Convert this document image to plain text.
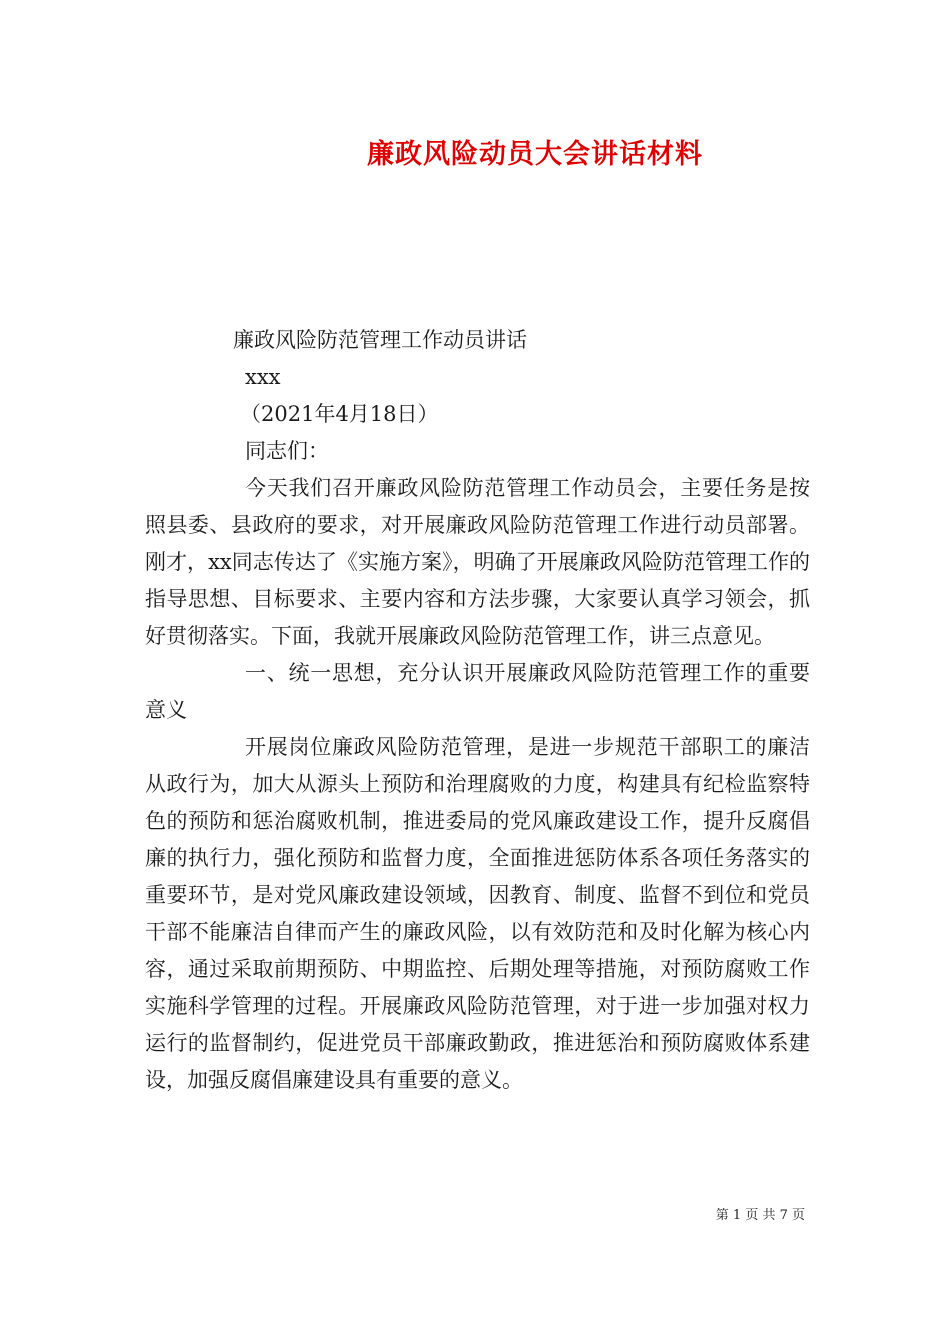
廉政风险动员大会讲话材料
廉政风险防范管理工作动员讲话
xxx
（2021年4月18日）
同志们：

今天我们召开廉政风险防范管理工作动员会，主要任务是按照县委、县政府的要求，对开展廉政风险防范管理工作进行动员部署。刚才，xx同志传达了《实施方案》，明确了开展廉政风险防范管理工作的指导思想、目标要求、主要内容和方法步骤，大家要认真学习领会，抓好贯彻落实。下面，我就开展廉政风险防范管理工作，讲三点意见。

一、统一思想，充分认识开展廉政风险防范管理工作的重要意义

开展岗位廉政风险防范管理，是进一步规范干部职工的廉洁从政行为，加大从源头上预防和治理腐败的力度，构建具有纪检监察特色的预防和惩治腐败机制，推进委局的党风廉政建设工作，提升反腐倡廉的执行力，强化预防和监督力度，全面推进惩防体系各项任务落实的重要环节，是对党风廉政建设领域，因教育、制度、监督不到位和党员干部不能廉洁自律而产生的廉政风险，以有效防范和及时化解为核心内容，通过采取前期预防、中期监控、后期处理等措施，对预防腐败工作实施科学管理的过程。开展廉政风险防范管理，对于进一步加强对权力运行的监督制约，促进党员干部廉政勤政，推进惩治和预防腐败体系建设，加强反腐倡廉建设具有重要的意义。

第 1 页 共 7 页
